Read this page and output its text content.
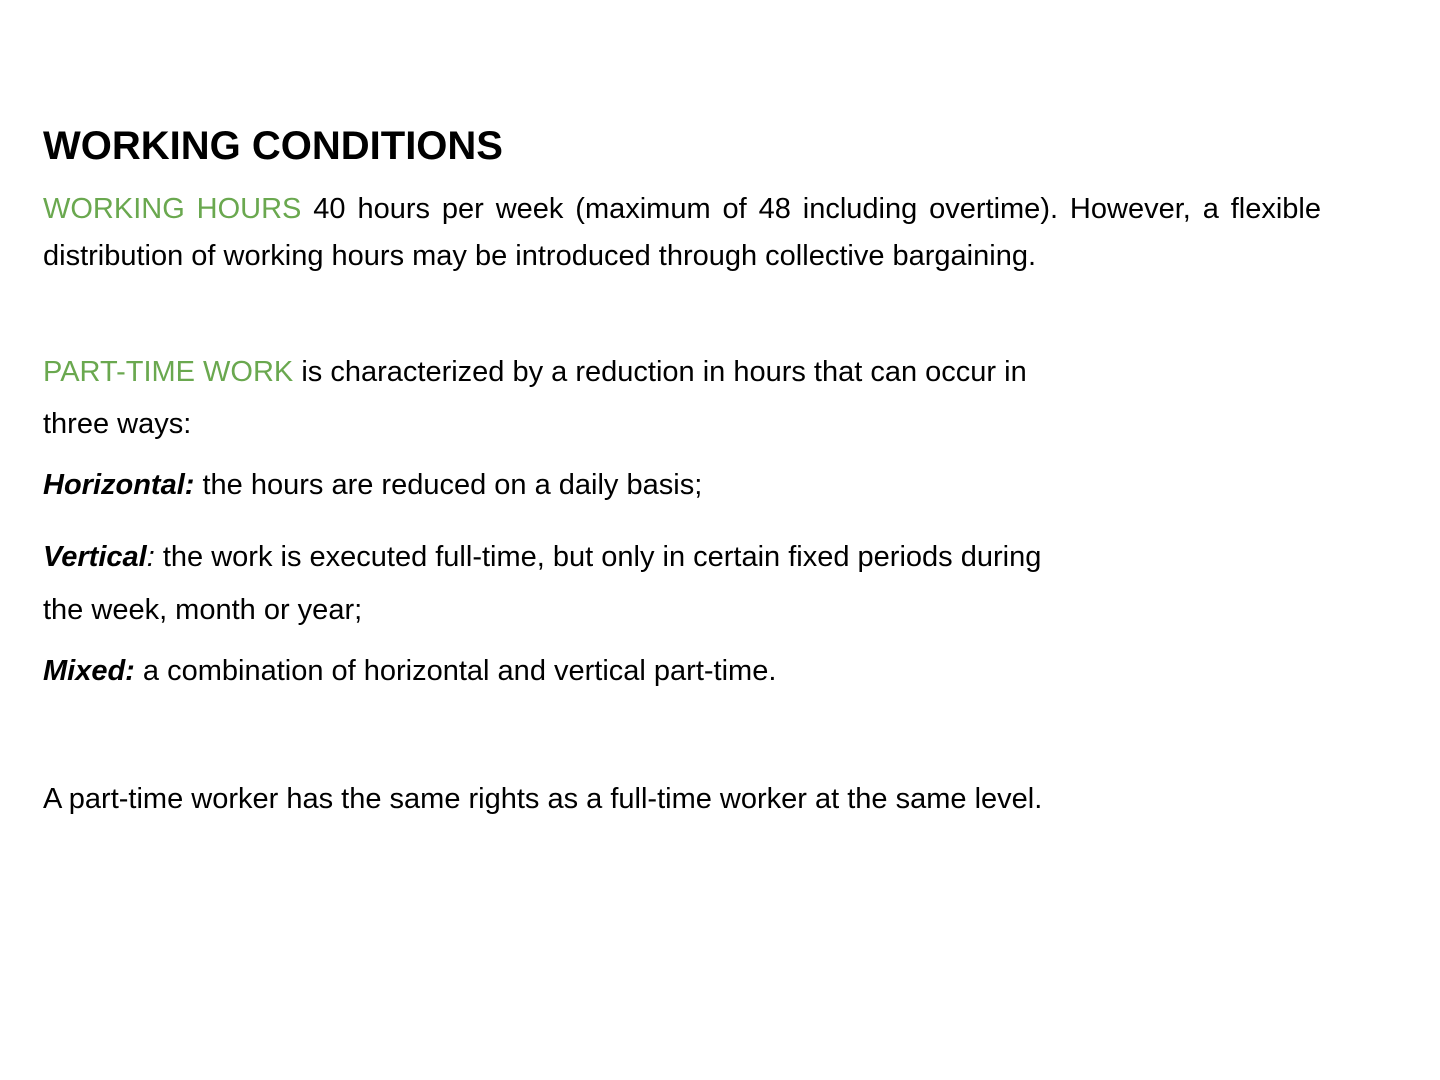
WORKING CONDITIONS

WORKING HOURS 40 hours per week (maximum of 48 including overtime). However, a flexible distribution of working hours may be introduced through collective bargaining.

PART-TIME WORK is characterized by a reduction in hours that can occur in
three ways:

Horizontal: the hours are reduced on a daily basis;

Vertical: the work is executed full-time, but only in certain fixed periods during
the week, month or year;

Mixed: a combination of horizontal and vertical part-time.

A part-time worker has the same rights as a full-time worker at the same level.
